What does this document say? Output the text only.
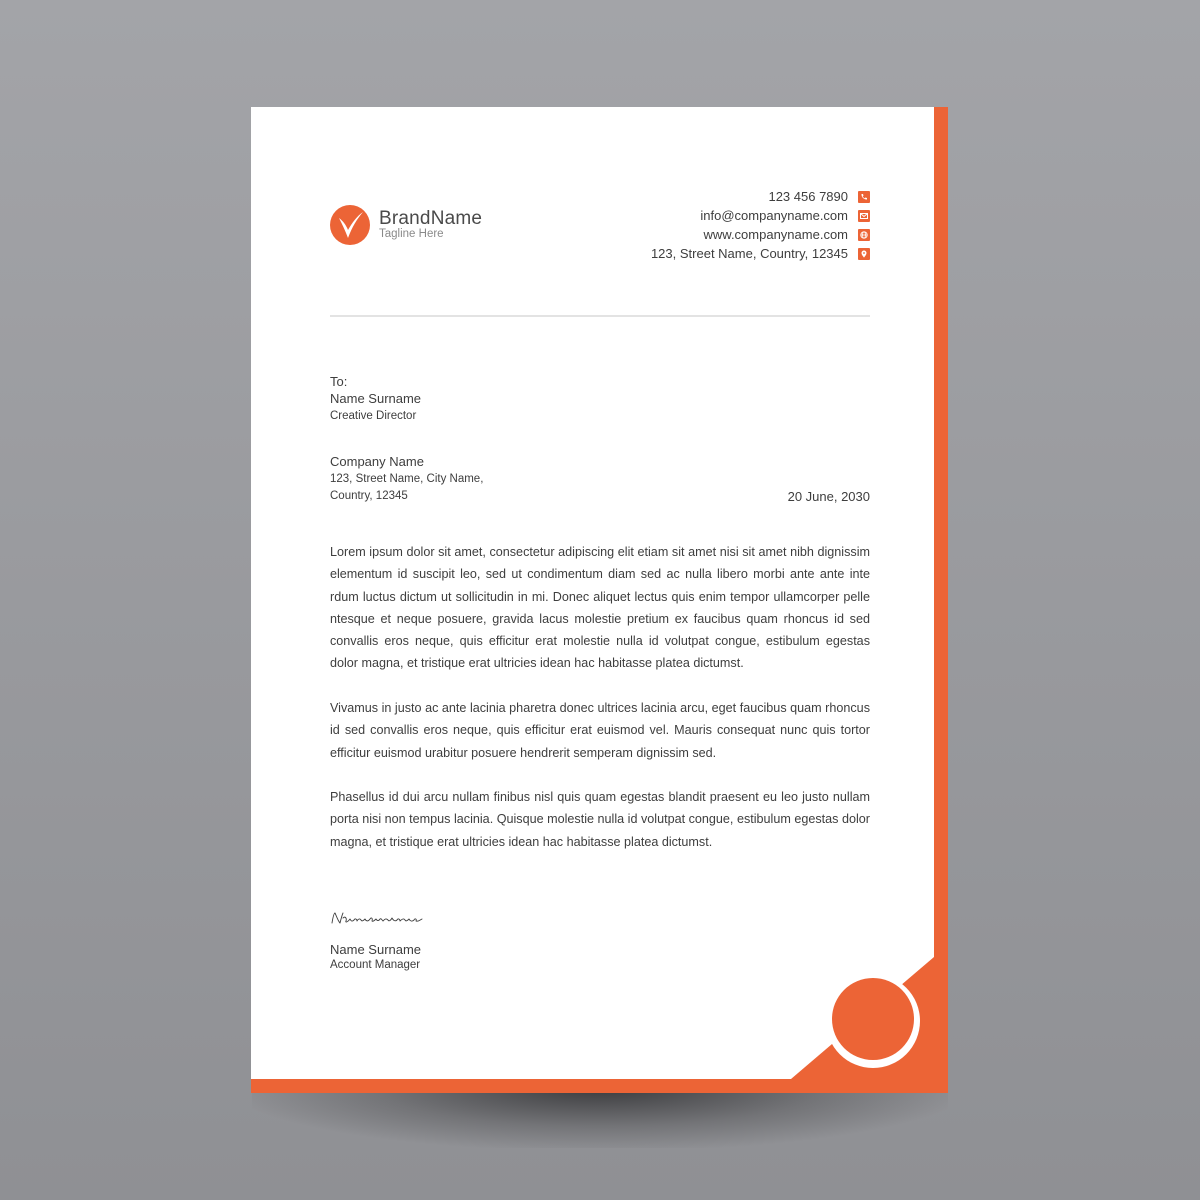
BrandName
Tagline Here
123 456 7890
info@companyname.com
www.companyname.com
123, Street Name, Country, 12345
To:
Name Surname
Creative Director
Company Name
123, Street Name, City Name,
Country, 12345	20 June, 2030

Lorem ipsum dolor sit amet, consectetur adipiscing elit etiam sit amet nisi sit amet nibh dignissim elementum id suscipit leo, sed ut condimentum diam sed ac nulla libero morbi ante ante inte rdum luctus dictum ut sollicitudin in mi. Donec aliquet lectus quis enim tempor ullamcorper pelle ntesque et neque posuere, gravida lacus molestie pretium ex faucibus quam rhoncus id sed convallis eros neque, quis efficitur erat molestie nulla id volutpat congue, estibulum egestas dolor magna, et tristique erat ultricies idean hac habitasse platea dictumst.

Vivamus in justo ac ante lacinia pharetra donec ultrices lacinia arcu, eget faucibus quam rhoncus id sed convallis eros neque, quis efficitur erat euismod vel. Mauris consequat nunc quis tortor efficitur euismod urabitur posuere hendrerit semperam dignissim sed.

Phasellus id dui arcu nullam finibus nisl quis quam egestas blandit praesent eu leo justo nullam porta nisi non tempus lacinia. Quisque molestie nulla id volutpat congue, estibulum egestas dolor magna, et tristique erat ultricies idean hac habitasse platea dictumst.

Name Surname
Account Manager
